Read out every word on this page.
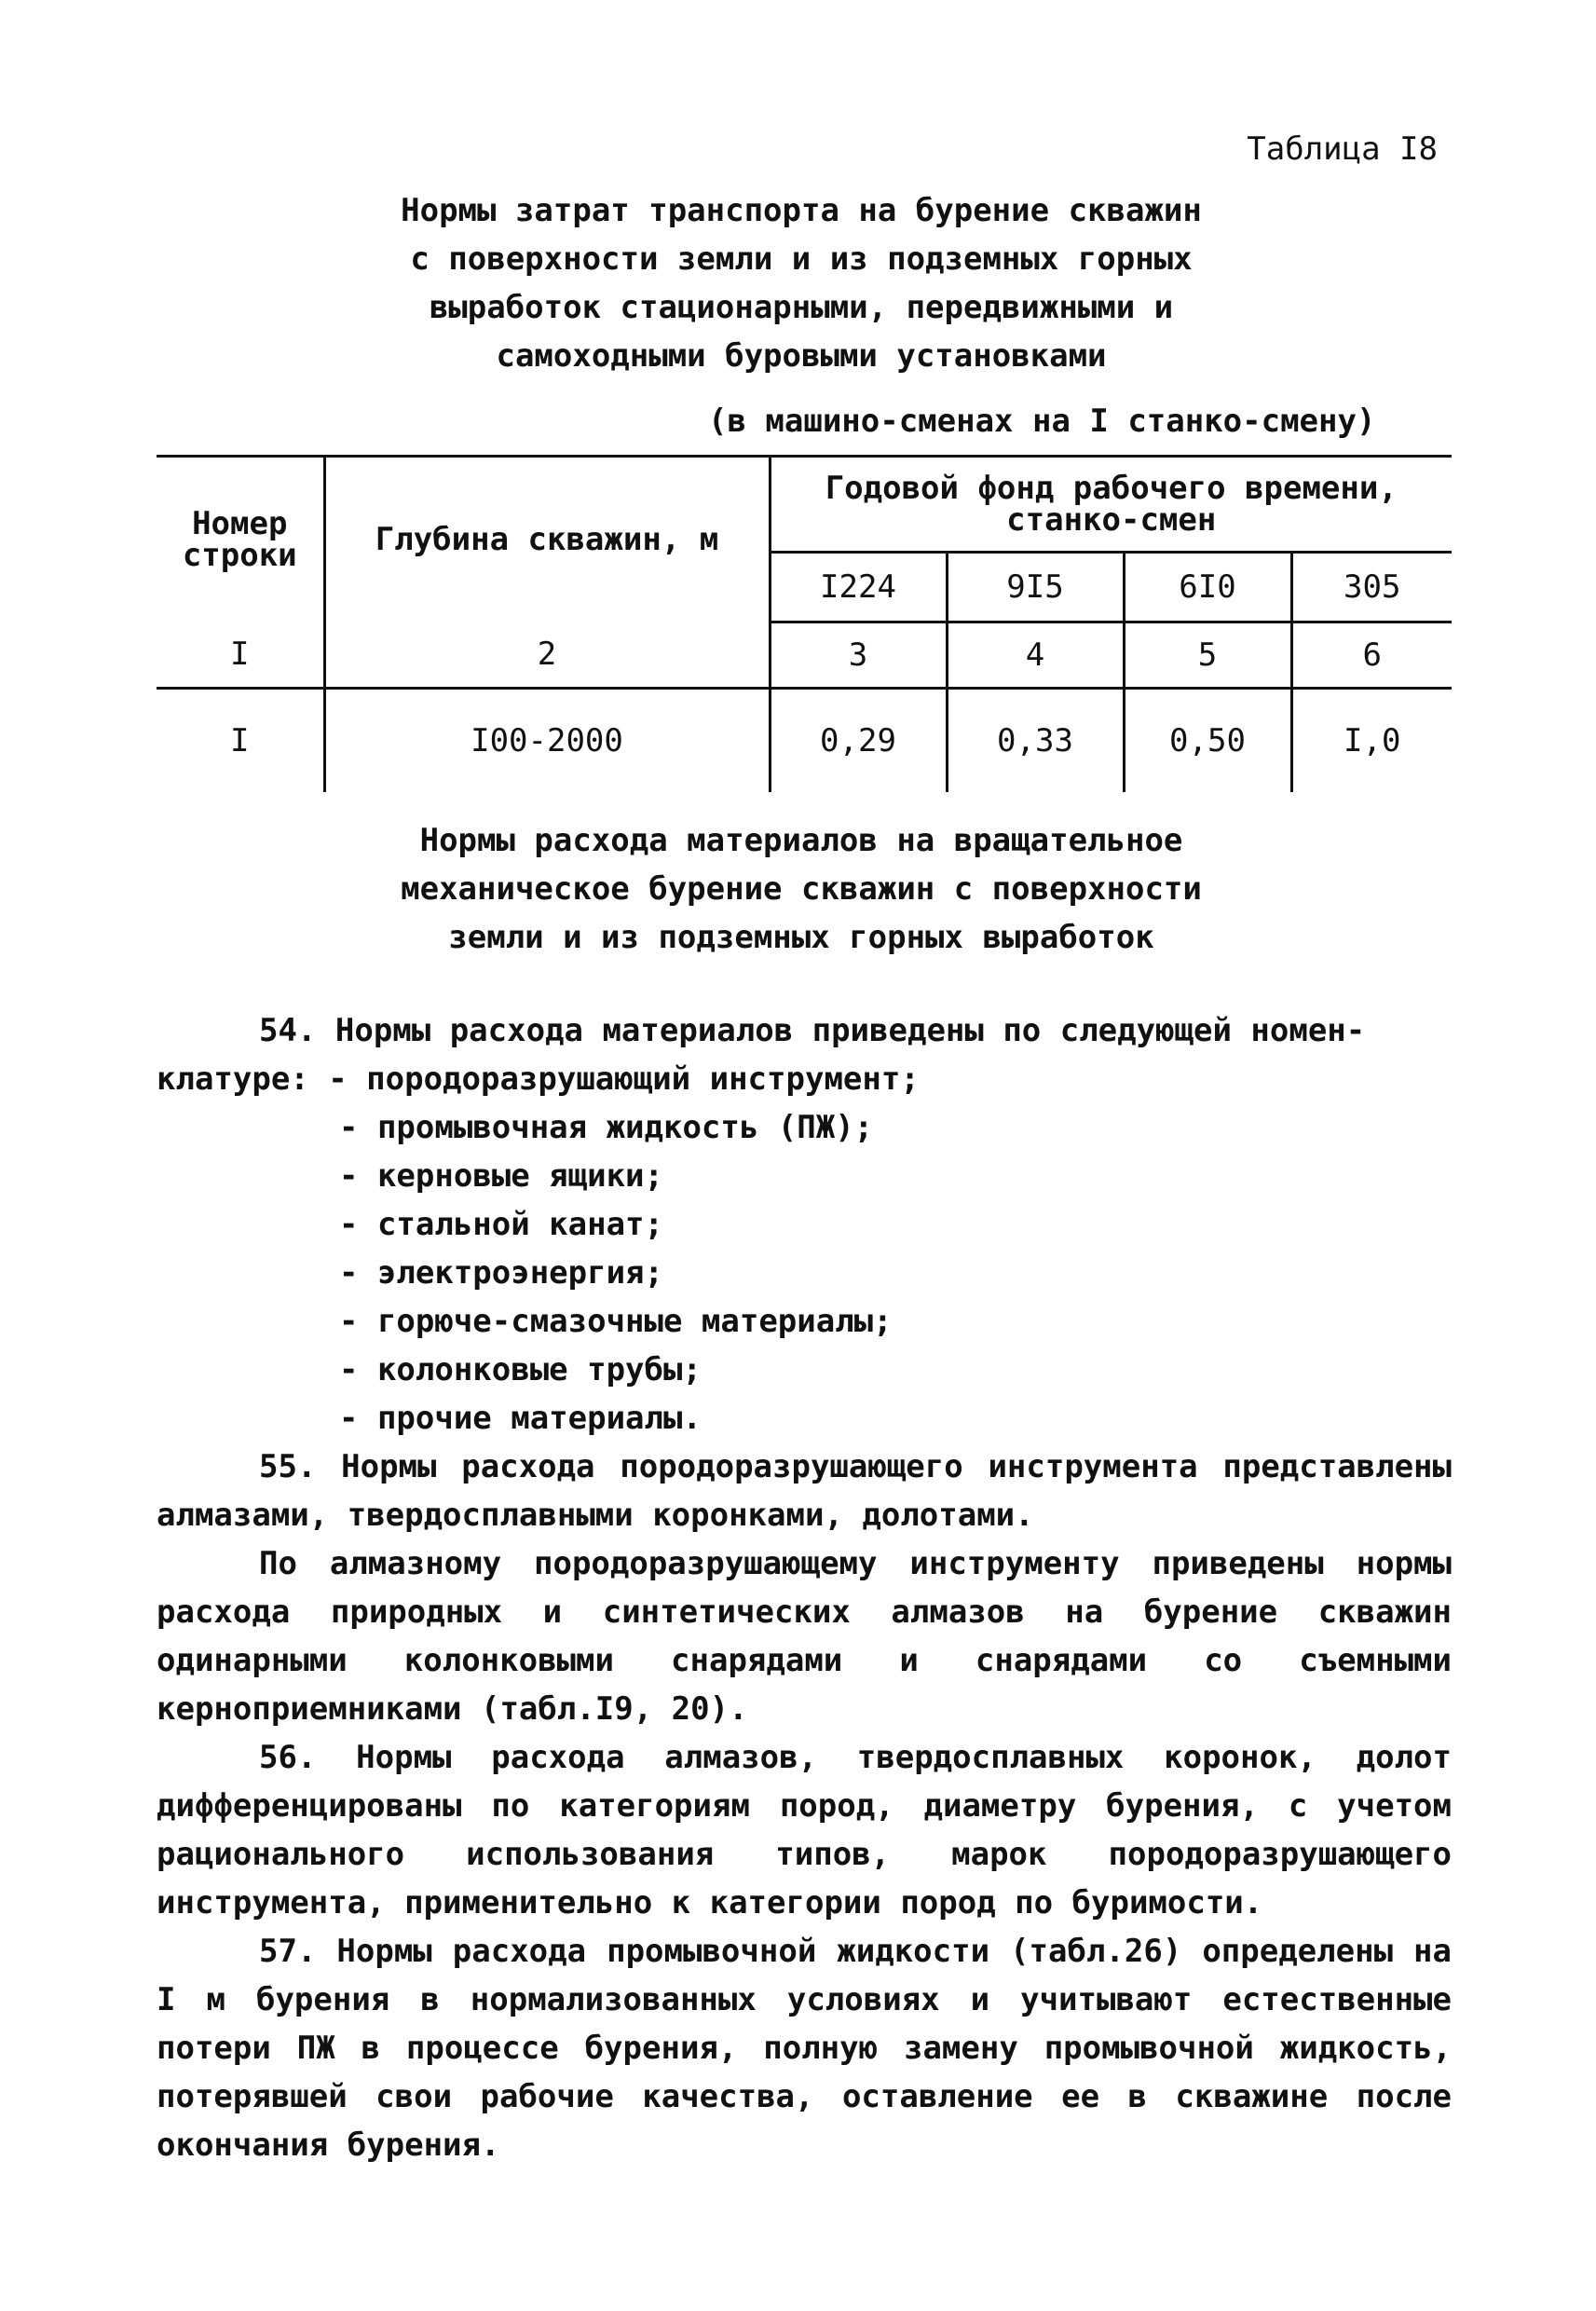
Таблица I8
Нормы затрат транспорта на бурение скважин
с поверхности земли и из подземных горных
выработок стационарными, передвижными и
самоходными буровыми установками
(в машино-сменах на I станко-смену)
Номер строки	Глубина скважин, м	Годовой фонд рабочего времени, станко-смен			
		I224	9I5	6I0	305
I	2	3	4	5	6
I	I00-2000	0,29	0,33	0,50	I,0
Нормы расхода материалов на вращательное
механическое бурение скважин с поверхности
земли и из подземных горных выработок

54. Нормы расхода материалов приведены по следующей номен-

клатуре: - породоразрушающий инструмент;
- промывочная жидкость (ПЖ);
- керновые ящики;
- стальной канат;
- электроэнергия;
- горюче-смазочные материалы;
- колонковые трубы;
- прочие материалы.

55. Нормы расхода породоразрушающего инструмента представлены алмазами, твердосплавными коронками, долотами.

По алмазному породоразрушающему инструменту приведены нормы расхода природных и синтетических алмазов на бурение скважин одинарными колонковыми снарядами и снарядами со съемными керноприемниками (табл.I9, 20).

56. Нормы расхода алмазов, твердосплавных коронок, долот дифференцированы по категориям пород, диаметру бурения, с учетом рационального использования типов, марок породоразрушающего инструмента, применительно к категории пород по буримости.

57. Нормы расхода промывочной жидкости (табл.26) определены на I м бурения в нормализованных условиях и учитывают естественные потери ПЖ в процессе бурения, полную замену промывочной жидкость, потерявшей свои рабочие качества, оставление ее в скважине после окончания бурения.
